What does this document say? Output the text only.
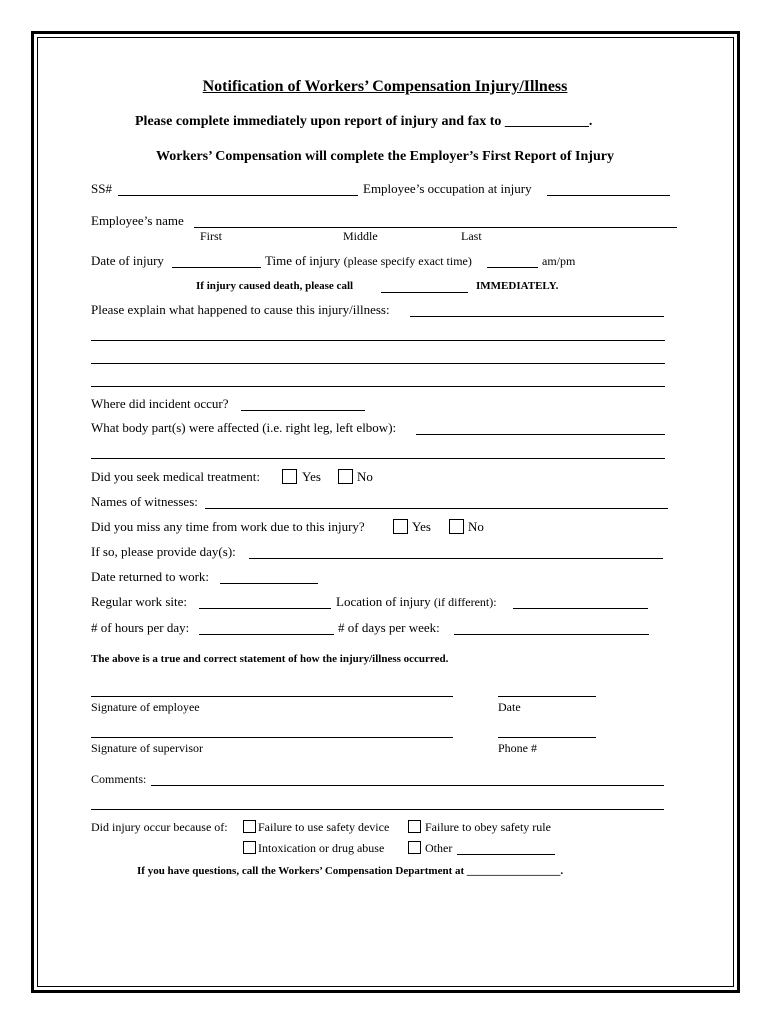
Notification of Workers’ Compensation Injury/Illness
Please complete immediately upon report of injury and fax to ____________.
Workers’ Compensation will complete the Employer’s First Report of Injury
SS#	Employee’s occupation at injury
Employee’s name
First	Middle	Last
Date of injury	Time of injury (please specify exact time)	am/pm
If injury caused death, please call	IMMEDIATELY.
Please explain what happened to cause this injury/illness:
Where did incident occur?
What body part(s) were affected (i.e. right leg, left elbow):
Did you seek medical treatment:	Yes	No
Names of witnesses:
Did you miss any time from work due to this injury?	Yes	No
If so, please provide day(s):
Date returned to work:
Regular work site:	Location of injury (if different):
# of hours per day:	# of days per week:
The above is a true and correct statement of how the injury/illness occurred.
Signature of employee	Date
Signature of supervisor	Phone #
Comments:
Did injury occur because of:	Failure to use safety device	Failure to obey safety rule
Intoxication or drug abuse	Other
If you have questions, call the Workers’ Compensation Department at _________________.
